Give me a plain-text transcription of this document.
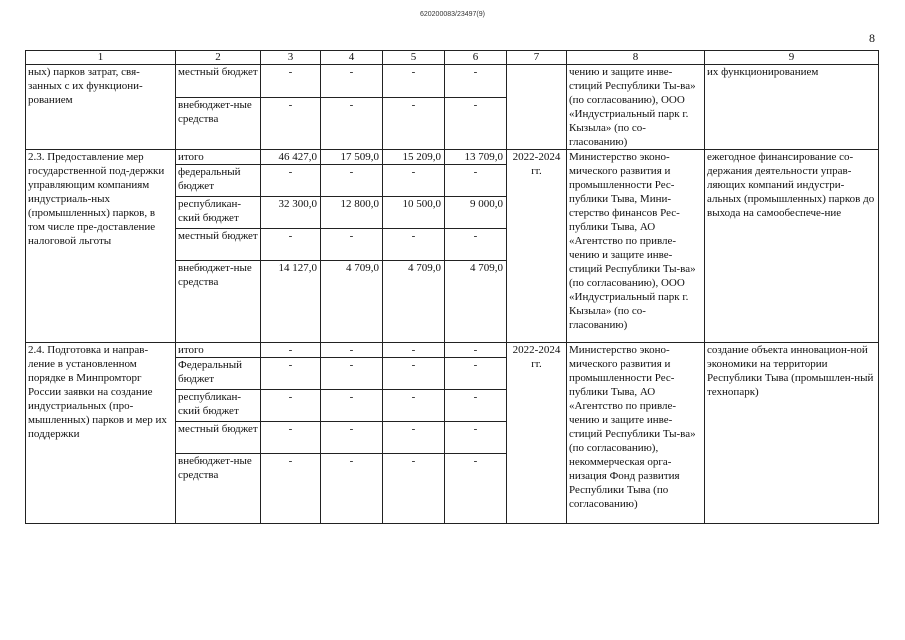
620200083/23497(9)
8
1	2	3	4	5	6	7	8	9
ных) парков затрат, свя-занных с их функциони-рованием	местный бюджет	-	-	-	-		чению и защите инве-стиций Республики Ты-ва» (по согласованию), ООО «Индустриальный парк г. Кызыла» (по со-гласованию)	их функционированием
	внебюджет-ные средства	-	-	-	-			
2.3. Предоставление мер государственной под-держки управляющим компаниям индустриаль-ных (промышленных) парков, в том числе пре-доставление налоговой льготы	итого	46 427,0	17 509,0	15 209,0	13 709,0	2022-2024 гг.	Министерство эконо-мического развития и промышленности Рес-публики Тыва, Мини-стерство финансов Рес-публики Тыва, АО «Агентство по привле-чению и защите инве-стиций Республики Ты-ва» (по согласованию), ООО «Индустриальный парк г. Кызыла» (по со-гласованию)	ежегодное финансирование со-держания деятельности управ-ляющих компаний индустри-альных (промышленных) парков до выхода на самообеспече-ние
	федеральный бюджет	-	-	-	-			
	республикан-ский бюджет	32 300,0	12 800,0	10 500,0	9 000,0			
	местный бюджет	-	-	-	-			
	внебюджет-ные средства	14 127,0	4 709,0	4 709,0	4 709,0			
2.4. Подготовка и направ-ление в установленном порядке в Минпромторг России заявки на создание индустриальных (про-мышленных) парков и мер их поддержки	итого	-	-	-	-	2022-2024 гг.	Министерство эконо-мического развития и промышленности Рес-публики Тыва, АО «Агентство по привле-чению и защите инве-стиций Республики Ты-ва» (по согласованию), некоммерческая орга-низация Фонд развития Республики Тыва (по согласованию)	создание объекта инновацион-ной экономики на территории Республики Тыва (промышлен-ный технопарк)
	Федеральный бюджет	-	-	-	-			
	республикан-ский бюджет	-	-	-	-			
	местный бюджет	-	-	-	-			
	внебюджет-ные средства	-	-	-	-			
